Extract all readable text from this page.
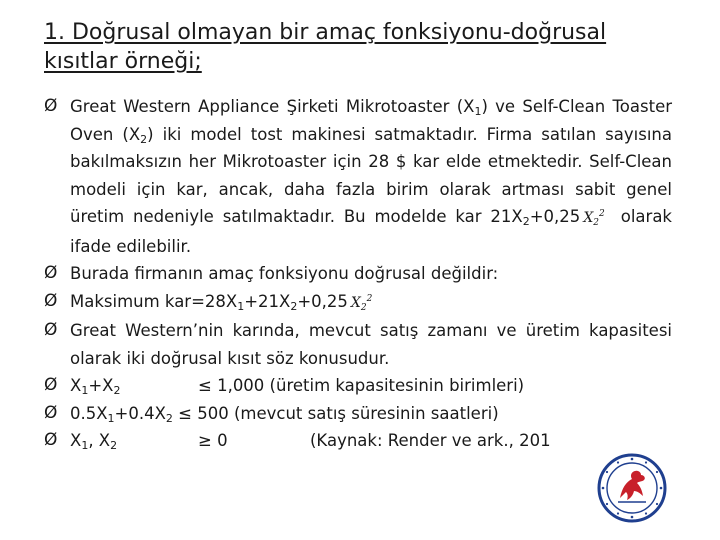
1. Doğrusal olmayan bir amaç fonksiyonu-doğrusal kısıtlar örneği;
Ø Great Western Appliance Şirketi Mikrotoaster $(X_1)$ ve Self-Clean Toaster Oven $(X_2)$ iki model tost makinesi satmaktadır. Firma satılan sayısına bakılmaksızın her Mikrotoaster için 28 $ kar elde etmektedir. Self-Clean modeli için kar, ancak, daha fazla birim olarak artması sabit genel üretim nedeniyle satılmaktadır. Bu modelde kar $21X_2+0,25$ $X_2^2$ olarak ifade edilebilir.
Ø Burada firmanın amaç fonksiyonu doğrusal değildir:
Ø Maksimum $kar=28X_1+21X_2+0,25$ $X_2^2$
Ø Great Western’nin karında, mevcut satış zamanı ve üretim kapasitesi olarak iki doğrusal kısıt söz konusudur.
Ø $X_1+X_2$	≤ 1,000 (üretim kapasitesinin birimleri)
Ø $0.5X_1+0.4X_2 \le 500$ (mevcut satış süresinin saatleri)
Ø $X_1$, $X_2$	≥ 0	(Kaynak: Render ve ark., 201
